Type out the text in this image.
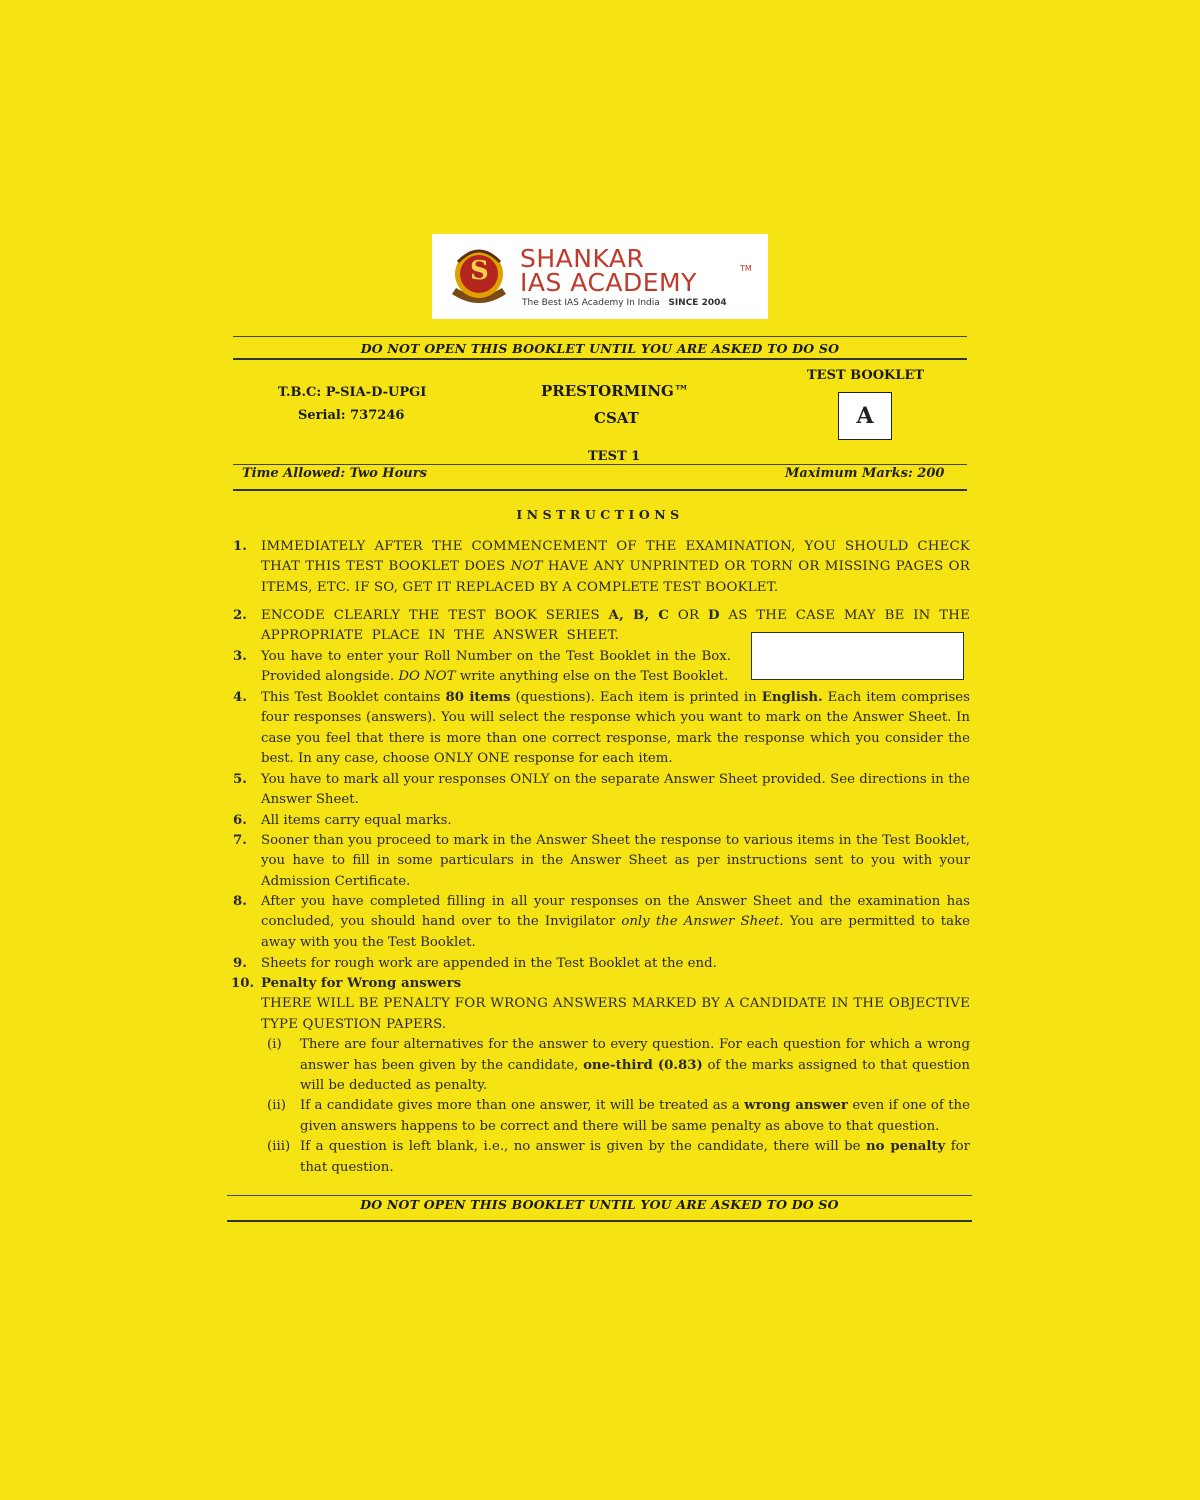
S SHANKAR
IAS ACADEMY	TM
The Best IAS Academy In India SINCE 2004
DO NOT OPEN THIS BOOKLET UNTIL YOU ARE ASKED TO DO SO
T.B.C: P-SIA-D-UPGI
Serial: 737246
PRESTORMING™
CSAT
TEST 1
TEST BOOKLET
A
Time Allowed: Two Hours	Maximum Marks: 200
INSTRUCTIONS
1. IMMEDIATELY AFTER THE COMMENCEMENT OF THE EXAMINATION, YOU SHOULD CHECK THAT THIS TEST BOOKLET DOES NOT HAVE ANY UNPRINTED OR TORN OR MISSING PAGES OR ITEMS, ETC. IF SO, GET IT REPLACED BY A COMPLETE TEST BOOKLET.
2. ENCODE CLEARLY THE TEST BOOK SERIES A, B, C OR D AS THE CASE MAY BE IN THE APPROPRIATE PLACE IN THE ANSWER SHEET.
3. You have to enter your Roll Number on the Test Booklet in the Box. Provided alongside. DO NOT write anything else on the Test Booklet.
4. This Test Booklet contains 80 items (questions). Each item is printed in English. Each item comprises four responses (answers). You will select the response which you want to mark on the Answer Sheet. In case you feel that there is more than one correct response, mark the response which you consider the best. In any case, choose ONLY ONE response for each item.
5. You have to mark all your responses ONLY on the separate Answer Sheet provided. See directions in the Answer Sheet.
6. All items carry equal marks.
7. Sooner than you proceed to mark in the Answer Sheet the response to various items in the Test Booklet, you have to fill in some particulars in the Answer Sheet as per instructions sent to you with your Admission Certificate.
8. After you have completed filling in all your responses on the Answer Sheet and the examination has concluded, you should hand over to the Invigilator only the Answer Sheet. You are permitted to take away with you the Test Booklet.
9. Sheets for rough work are appended in the Test Booklet at the end.
10. Penalty for Wrong answers
THERE WILL BE PENALTY FOR WRONG ANSWERS MARKED BY A CANDIDATE IN THE OBJECTIVE TYPE QUESTION PAPERS.
(i) There are four alternatives for the answer to every question. For each question for which a wrong answer has been given by the candidate, one-third (0.83) of the marks assigned to that question will be deducted as penalty.
(ii) If a candidate gives more than one answer, it will be treated as a wrong answer even if one of the given answers happens to be correct and there will be same penalty as above to that question.
(iii) If a question is left blank, i.e., no answer is given by the candidate, there will be no penalty for that question.
DO NOT OPEN THIS BOOKLET UNTIL YOU ARE ASKED TO DO SO
